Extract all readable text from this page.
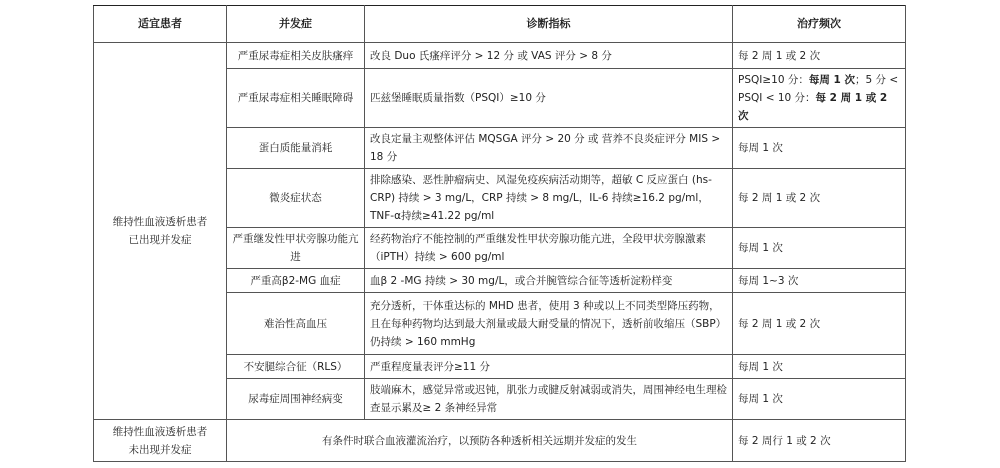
适宜患者	并发症	诊断指标	治疗频次
维持性血液透析患者已出现并发症	严重尿毒症相关皮肤瘙痒	改良 Duo 氏瘙痒评分 > 12 分 或 VAS 评分 > 8 分	每 2 周 1 或 2 次
	严重尿毒症相关睡眠障碍	匹兹堡睡眠质量指数（PSQI）≥10 分	PSQI≥10 分：每周 1 次；5 分 < PSQI < 10 分：每 2 周 1 或 2 次
	蛋白质能量消耗	改良定量主观整体评估 MQSGA 评分 > 20 分 或 营养不良炎症评分 MIS > 18 分	每周 1 次
	微炎症状态	排除感染、恶性肿瘤病史、风湿免疫疾病活动期等，超敏 C 反应蛋白 (hs-CRP) 持续 > 3 mg/L，CRP 持续 > 8 mg/L，IL-6 持续≥16.2 pg/ml，TNF-α持续≥41.22 pg/ml	每 2 周 1 或 2 次
	严重继发性甲状旁腺功能亢进	经药物治疗不能控制的严重继发性甲状旁腺功能亢进，全段甲状旁腺激素（iPTH）持续 > 600 pg/ml	每周 1 次
	严重高β2-MG 血症	血β 2 -MG 持续 > 30 mg/L，或合并腕管综合征等透析淀粉样变	每周 1~3 次
	难治性高血压	充分透析，干体重达标的 MHD 患者，使用 3 种或以上不同类型降压药物，且在每种药物均达到最大剂量或最大耐受量的情况下，透析前收缩压（SBP）仍持续 > 160 mmHg	每 2 周 1 或 2 次
	不安腿综合征（RLS）	严重程度量表评分≥11 分	每周 1 次
	尿毒症周围神经病变	肢端麻木，感觉异常或迟钝，肌张力或腱反射减弱或消失，周围神经电生理检查显示累及≥ 2 条神经异常	每周 1 次
维持性血液透析患者未出现并发症	有条件时联合血液灌流治疗，以预防各种透析相关远期并发症的发生		每 2 周行 1 或 2 次
